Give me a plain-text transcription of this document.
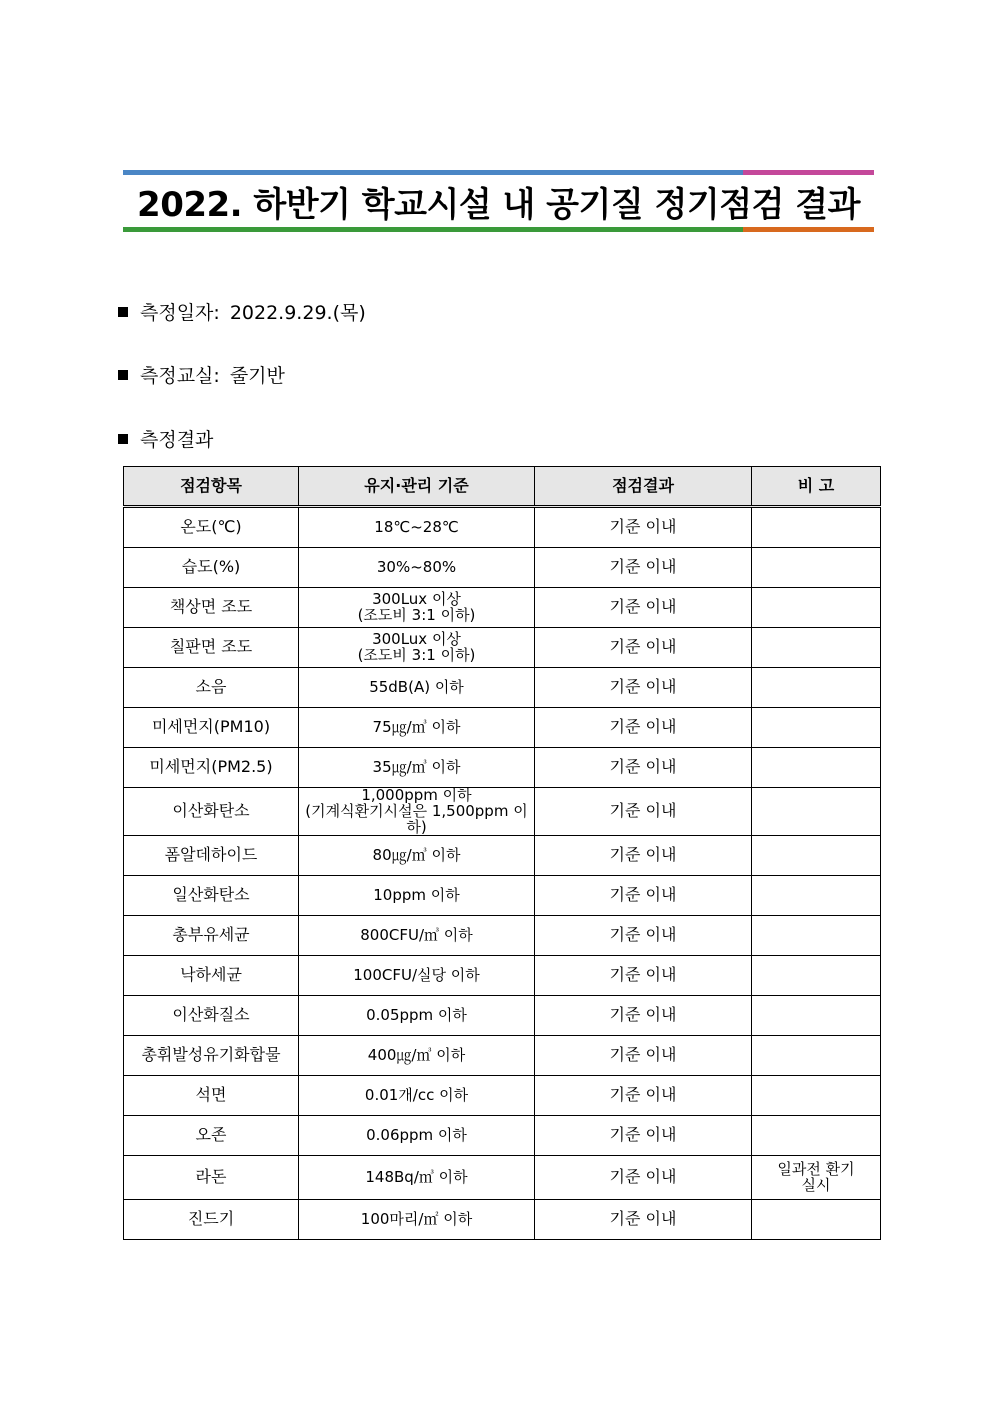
2022. 하반기 학교시설 내 공기질 정기점검 결과
측정일자: 2022.9.29.(목)
측정교실: 줄기반
측정결과
점검항목	유지·관리 기준	점검결과	비 고

온도(℃)	18℃~28℃	기준 이내	

습도(%)	30%~80%	기준 이내	

책상면 조도	300Lux 이상
(조도비 3:1 이하)	기준 이내	

칠판면 조도	300Lux 이상
(조도비 3:1 이하)	기준 이내	

소음	55dB(A) 이하	기준 이내	

미세먼지(PM10)	75㎍/㎥ 이하	기준 이내	

미세먼지(PM2.5)	35㎍/㎥ 이하	기준 이내	

이산화탄소	1,000ppm 이하
(기계식환기시설은 1,500ppm 이하)	기준 이내	

폼알데하이드	80㎍/㎥ 이하	기준 이내	

일산화탄소	10ppm 이하	기준 이내	

총부유세균	800CFU/㎥ 이하	기준 이내	

낙하세균	100CFU/실당 이하	기준 이내	

이산화질소	0.05ppm 이하	기준 이내	

총휘발성유기화합물	400㎍/㎥ 이하	기준 이내	

석면	0.01개/cc 이하	기준 이내	

오존	0.06ppm 이하	기준 이내	

라돈	148Bq/㎥ 이하	기준 이내	일과전 환기
실시

진드기	100마리/㎡ 이하	기준 이내	
